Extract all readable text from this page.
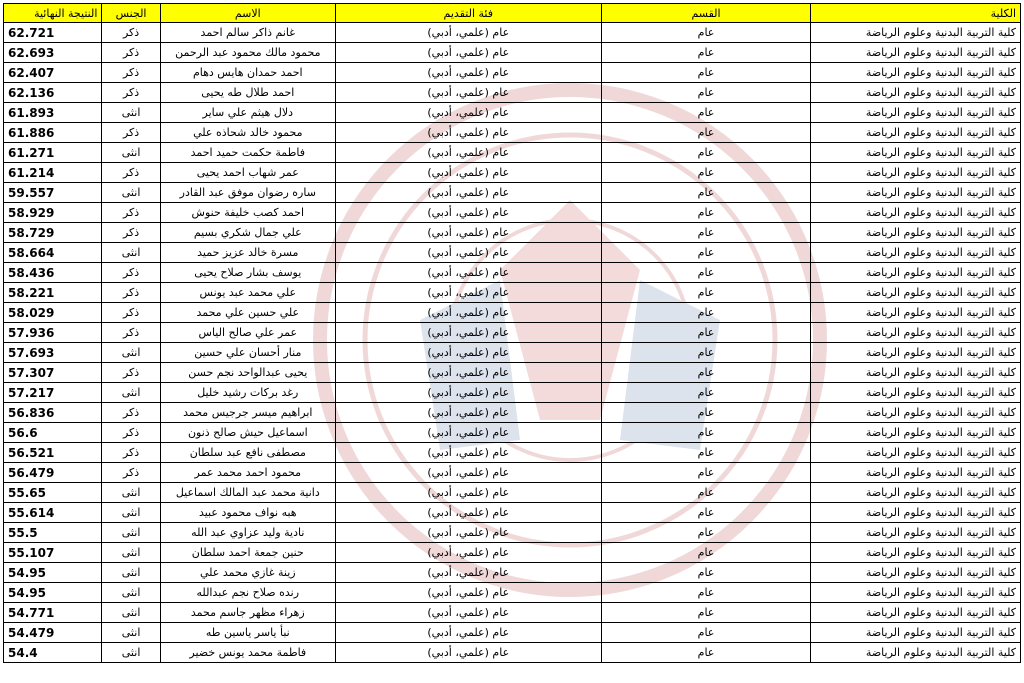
الكلية	القسم	فئة التقديم	الاسم	الجنس	النتيجة النهائية
كلية التربية البدنية وعلوم الرياضة	عام	عام (علمي، أدبي)	غانم ذاكر سالم احمد	ذكر	62.721
كلية التربية البدنية وعلوم الرياضة	عام	عام (علمي، أدبي)	محمود مالك محمود عبد الرحمن	ذكر	62.693
كلية التربية البدنية وعلوم الرياضة	عام	عام (علمي، أدبي)	احمد حمدان هايس دهام	ذكر	62.407
كلية التربية البدنية وعلوم الرياضة	عام	عام (علمي، أدبي)	احمد طلال طه يحيى	ذكر	62.136
كلية التربية البدنية وعلوم الرياضة	عام	عام (علمي، أدبي)	دلال هيثم علي ساير	انثى	61.893
كلية التربية البدنية وعلوم الرياضة	عام	عام (علمي، أدبي)	محمود خالد شحاذه علي	ذكر	61.886
كلية التربية البدنية وعلوم الرياضة	عام	عام (علمي، أدبي)	فاطمة حكمت حميد احمد	انثى	61.271
كلية التربية البدنية وعلوم الرياضة	عام	عام (علمي، أدبي)	عمر شهاب احمد يحيى	ذكر	61.214
كلية التربية البدنية وعلوم الرياضة	عام	عام (علمي، أدبي)	ساره رضوان موفق عبد القادر	انثى	59.557
كلية التربية البدنية وعلوم الرياضة	عام	عام (علمي، أدبي)	احمد كصب خليفة حنوش	ذكر	58.929
كلية التربية البدنية وعلوم الرياضة	عام	عام (علمي، أدبي)	علي جمال شكري بسيم	ذكر	58.729
كلية التربية البدنية وعلوم الرياضة	عام	عام (علمي، أدبي)	مسرة خالد عزيز حميد	انثى	58.664
كلية التربية البدنية وعلوم الرياضة	عام	عام (علمي، أدبي)	يوسف بشار صلاح يحيى	ذكر	58.436
كلية التربية البدنية وعلوم الرياضة	عام	عام (علمي، أدبي)	علي محمد عبد يونس	ذكر	58.221
كلية التربية البدنية وعلوم الرياضة	عام	عام (علمي، أدبي)	علي حسين علي محمد	ذكر	58.029
كلية التربية البدنية وعلوم الرياضة	عام	عام (علمي، أدبي)	عمر علي صالح الياس	ذكر	57.936
كلية التربية البدنية وعلوم الرياضة	عام	عام (علمي، أدبي)	منار أحسان علي حسين	انثى	57.693
كلية التربية البدنية وعلوم الرياضة	عام	عام (علمي، أدبي)	يحيى عبدالواحد نجم حسن	ذكر	57.307
كلية التربية البدنية وعلوم الرياضة	عام	عام (علمي، أدبي)	رغد بركات رشيد خليل	انثى	57.217
كلية التربية البدنية وعلوم الرياضة	عام	عام (علمي، أدبي)	ابراهيم ميسر جرجيس محمد	ذكر	56.836
كلية التربية البدنية وعلوم الرياضة	عام	عام (علمي، أدبي)	اسماعيل حيش صالح ذنون	ذكر	56.6
كلية التربية البدنية وعلوم الرياضة	عام	عام (علمي، أدبي)	مصطفى نافع عبد سلطان	ذكر	56.521
كلية التربية البدنية وعلوم الرياضة	عام	عام (علمي، أدبي)	محمود احمد محمد عمر	ذكر	56.479
كلية التربية البدنية وعلوم الرياضة	عام	عام (علمي، أدبي)	دانية محمد عبد المالك اسماعيل	انثى	55.65
كلية التربية البدنية وعلوم الرياضة	عام	عام (علمي، أدبي)	هبه نواف محمود عبيد	انثى	55.614
كلية التربية البدنية وعلوم الرياضة	عام	عام (علمي، أدبي)	نادية وليد عزاوي عبد الله	انثى	55.5
كلية التربية البدنية وعلوم الرياضة	عام	عام (علمي، أدبي)	حنين جمعة احمد سلطان	انثى	55.107
كلية التربية البدنية وعلوم الرياضة	عام	عام (علمي، أدبي)	زينة غازي محمد علي	انثى	54.95
كلية التربية البدنية وعلوم الرياضة	عام	عام (علمي، أدبي)	رنده صلاح نجم عبدالله	انثى	54.95
كلية التربية البدنية وعلوم الرياضة	عام	عام (علمي، أدبي)	زهراء مظهر جاسم محمد	انثى	54.771
كلية التربية البدنية وعلوم الرياضة	عام	عام (علمي، أدبي)	نبأ ياسر ياسين طه	انثى	54.479
كلية التربية البدنية وعلوم الرياضة	عام	عام (علمي، أدبي)	فاطمة محمد يونس خضير	انثى	54.4
